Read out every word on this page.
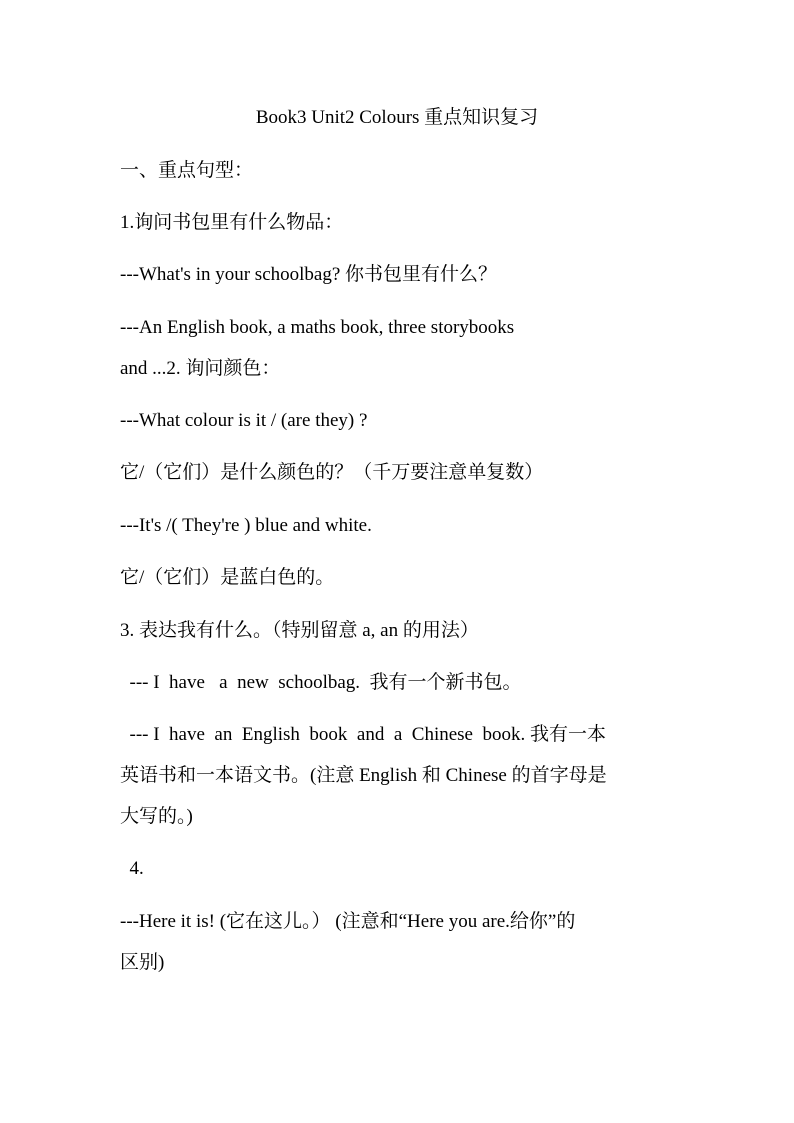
Book3 Unit2 Colours 重点知识复习
一、重点句型：
1.询问书包里有什么物品：
---What's in your schoolbag? 你书包里有什么？
---An English book, a maths book, three storybooks
and ...2. 询问颜色：
---What colour is it / (are they) ?
它/（它们）是什么颜色的？（千万要注意单复数）
---It's /( They're ) blue and white.
它/（它们）是蓝白色的。
3. 表达我有什么。（特别留意 a, an 的用法）
--- I  have   a  new  schoolbag.  我有一个新书包。
--- I  have  an  English  book  and  a  Chinese  book. 我有一本
英语书和一本语文书。(注意 English 和 Chinese 的首字母是
大写的。)
4.
---Here it is! (它在这儿。） (注意和“Here you are.给你”的
区别)
